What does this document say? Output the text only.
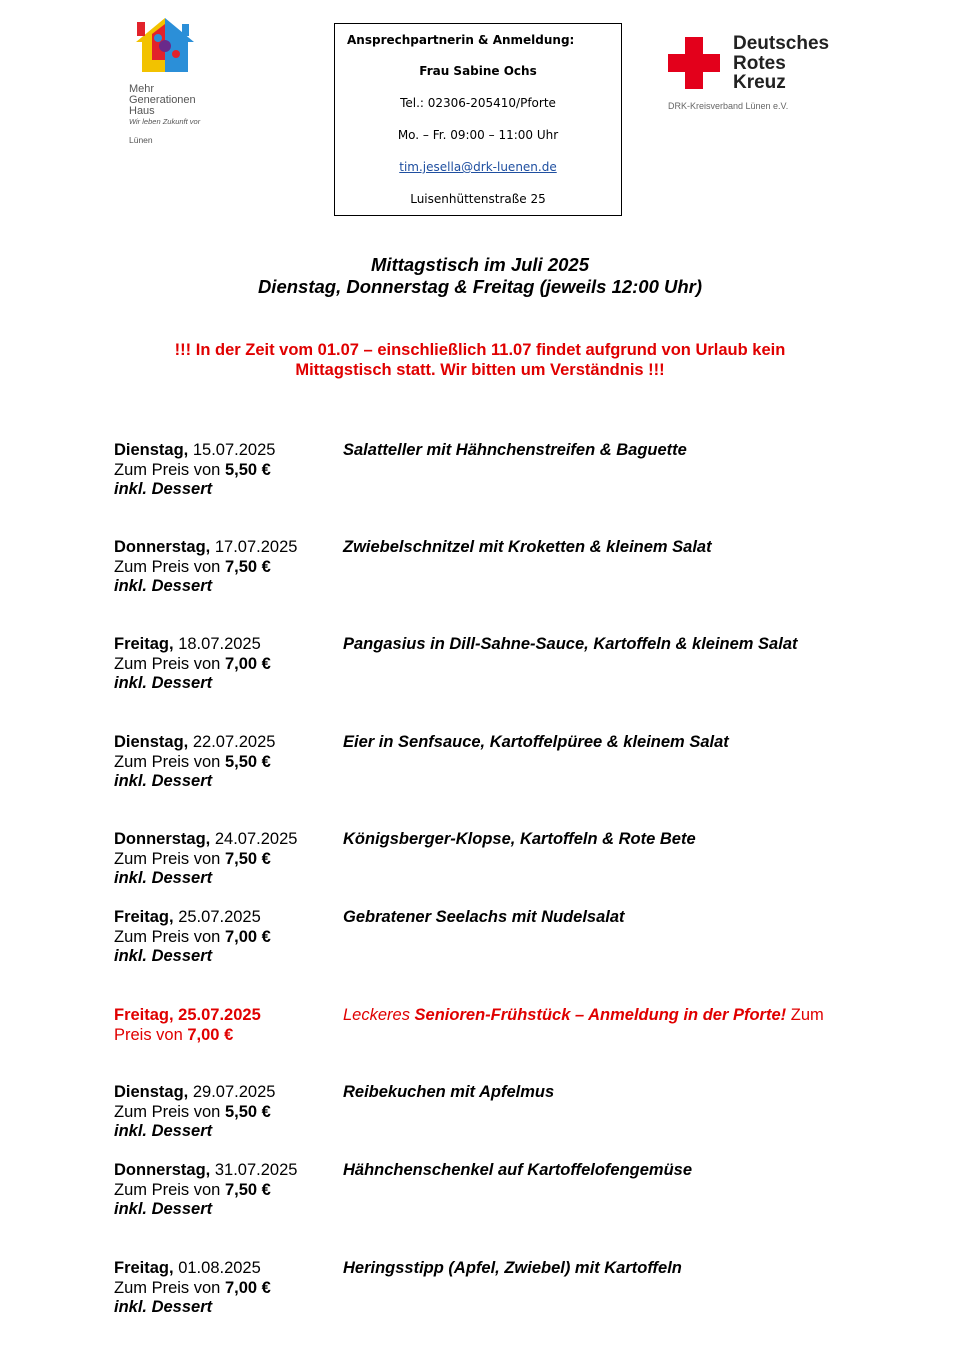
Mehr
Generationen
Haus
Wir leben Zukunft vor
Lünen
Ansprechpartnerin & Anmeldung:
Frau Sabine Ochs
Tel.: 02306-205410/Pforte
Mo. – Fr. 09:00 – 11:00 Uhr
tim.jesella@drk-luenen.de
Luisenhüttenstraße 25
Deutsches
Rotes
Kreuz
DRK-Kreisverband Lünen e.V.
Mittagstisch im Juli 2025
Dienstag, Donnerstag & Freitag (jeweils 12:00 Uhr)
!!! In der Zeit vom 01.07 – einschließlich 11.07 findet aufgrund von Urlaub kein
Mittagstisch statt. Wir bitten um Verständnis !!!
Dienstag, 15.07.2025
Zum Preis von 5,50 €
inkl. Dessert
Salatteller mit Hähnchenstreifen & Baguette
Donnerstag, 17.07.2025
Zum Preis von 7,50 €
inkl. Dessert
Zwiebelschnitzel mit Kroketten & kleinem Salat
Freitag, 18.07.2025
Zum Preis von 7,00 €
inkl. Dessert
Pangasius in Dill-Sahne-Sauce, Kartoffeln & kleinem Salat
Dienstag, 22.07.2025
Zum Preis von 5,50 €
inkl. Dessert
Eier in Senfsauce, Kartoffelpüree & kleinem Salat
Donnerstag, 24.07.2025
Zum Preis von 7,50 €
inkl. Dessert
Königsberger-Klopse, Kartoffeln & Rote Bete
Freitag, 25.07.2025
Zum Preis von 7,00 €
inkl. Dessert
Gebratener Seelachs mit Nudelsalat
Freitag, 25.07.2025
Preis von 7,00 €
Leckeres Senioren-Frühstück – Anmeldung in der Pforte! Zum
Dienstag, 29.07.2025
Zum Preis von 5,50 €
inkl. Dessert
Reibekuchen mit Apfelmus
Donnerstag, 31.07.2025
Zum Preis von 7,50 €
inkl. Dessert
Hähnchenschenkel auf Kartoffelofengemüse
Freitag, 01.08.2025
Zum Preis von 7,00 €
inkl. Dessert
Heringsstipp (Apfel, Zwiebel) mit Kartoffeln
